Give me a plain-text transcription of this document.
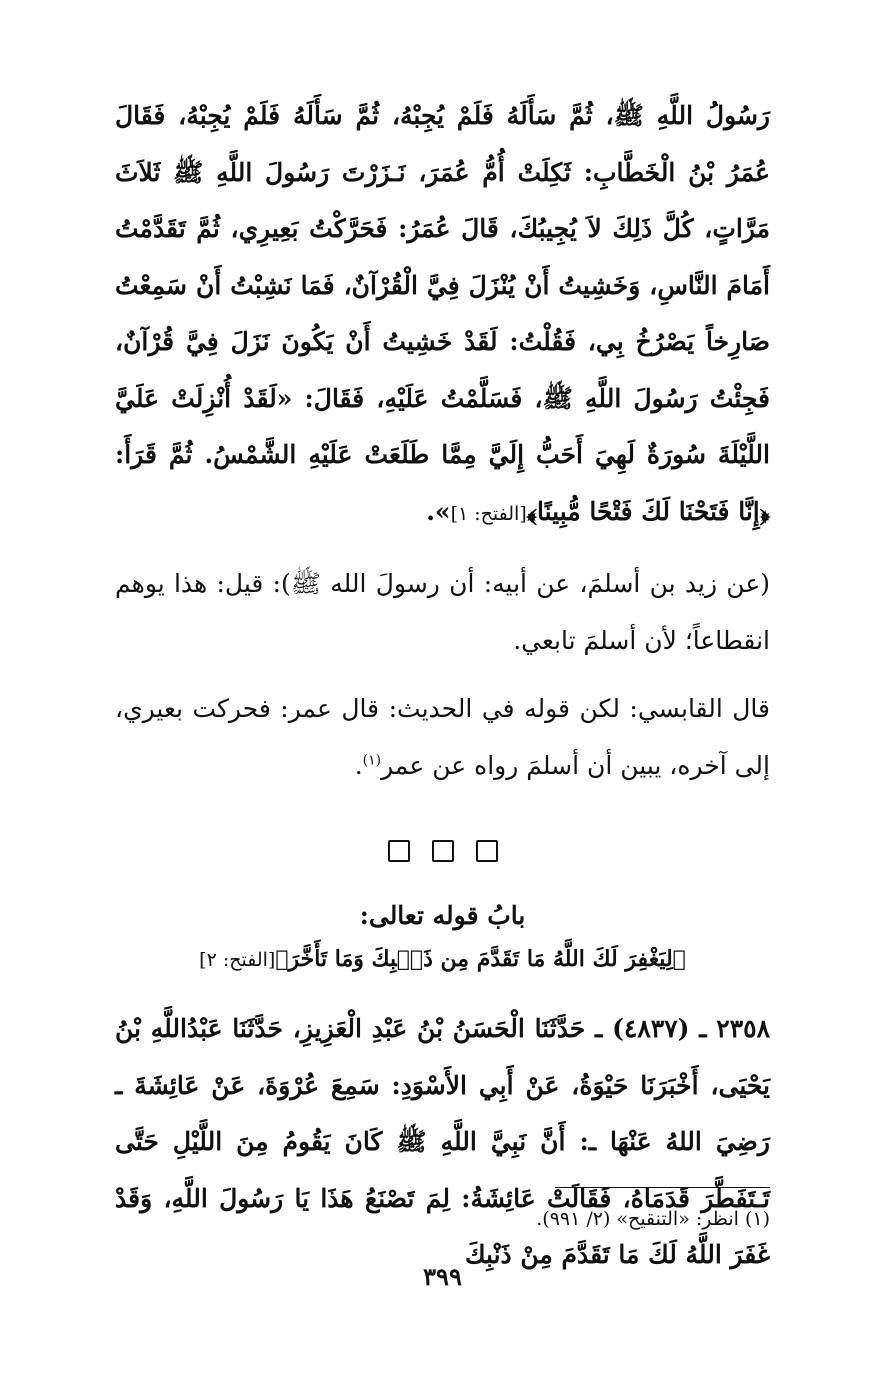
رَسُولُ اللَّهِ ﷺ، ثُمَّ سَأَلَهُ فَلَمْ يُجِبْهُ، ثُمَّ سَأَلَهُ فَلَمْ يُجِبْهُ، فَقَالَ عُمَرُ بْنُ الْخَطَّابِ: ثَكِلَتْ أُمُّ عُمَرَ، نَـزَرْتَ رَسُولَ اللَّهِ ﷺ ثَلاَثَ مَرَّاتٍ، كُلَّ ذَلِكَ لاَ يُجِيبُكَ، قَالَ عُمَرُ: فَحَرَّكْتُ بَعِيرِي، ثُمَّ تَقَدَّمْتُ أَمَامَ النَّاسِ، وَخَشِيتُ أَنْ يُنْزَلَ فِيَّ الْقُرْآنٌ، فَمَا نَشِبْتُ أَنْ سَمِعْتُ صَارِخاً يَصْرُخُ بِي، فَقُلْتُ: لَقَدْ خَشِيتُ أَنْ يَكُونَ نَزَلَ فِيَّ قُرْآنٌ، فَجِئْتُ رَسُولَ اللَّهِ ﷺ، فَسَلَّمْتُ عَلَيْهِ، فَقَالَ: «لَقَدْ أُنْزِلَتْ عَلَيَّ اللَّيْلَةَ سُورَةٌ لَهِيَ أَحَبُّ إِلَيَّ مِمَّا طَلَعَتْ عَلَيْهِ الشَّمْسُ. ثُمَّ قَرَأَ: ﴿إِنَّا فَتَحْنَا لَكَ فَتْحًا مُّبِينًا﴾[الفتح: ١]».

(عن زيد بن أسلمَ، عن أبيه: أن رسولَ الله ﷺ): قيل: هذا يوهم انقطاعاً؛ لأن أسلمَ تابعي.

قال القابسي: لكن قوله في الحديث: قال عمر: فحركت بعيري، إلى آخره، يبين أن أسلمَ رواه عن عمر$^{(١)}$.

بابُ قوله تعالى:
﴿لِيَغْفِرَ لَكَ اللَّهُ مَا تَقَدَّمَ مِن ذَنۢبِكَ وَمَا تَأَخَّرَ﴾[الفتح: ٢]

٢٣٥٨ ـ (٤٨٣٧) ـ حَدَّثَنَا الْحَسَنُ بْنُ عَبْدِ الْعَزِيزِ، حَدَّثَنَا عَبْدُاللَّهِ بْنُ يَحْيَى، أَخْبَرَنَا حَيْوَةُ، عَنْ أَبِي الأَسْوَدِ: سَمِعَ عُرْوَةَ، عَنْ عَائِشَةَ ـ رَضِيَ اللهُ عَنْهَا ـ: أَنَّ نَبِيَّ اللَّهِ ﷺ كَانَ يَقُومُ مِنَ اللَّيْلِ حَتَّى تَـتَفَطَّرَ قَدَمَاهُ، فَقَالَتْ عَائِشَةُ: لِمَ تَصْنَعُ هَذَا يَا رَسُولَ اللَّهِ، وَقَدْ غَفَرَ اللَّهُ لَكَ مَا تَقَدَّمَ مِنْ ذَنْبِكَ

(١) انظر: «التنقيح» (٢/ ٩٩١).

٣٩٩
